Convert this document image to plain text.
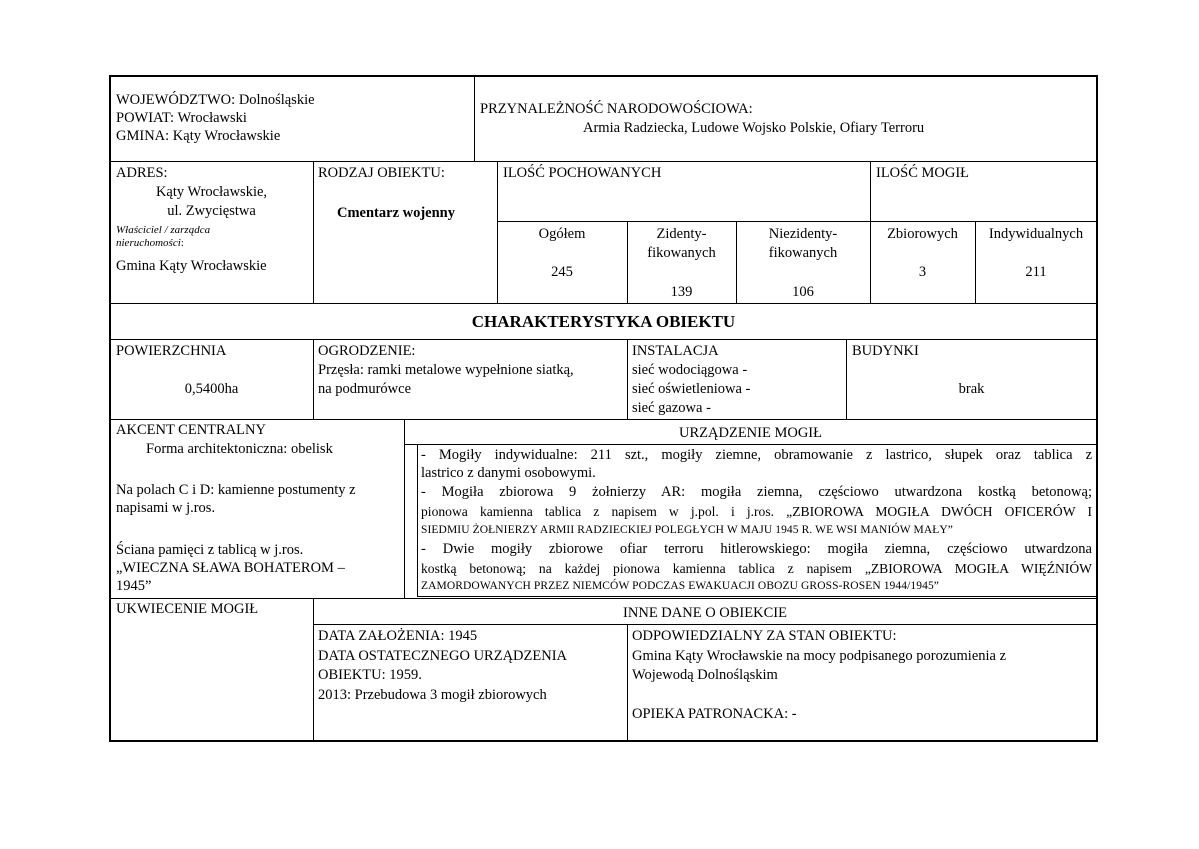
WOJEWÓDZTWO: Dolnośląskie
POWIAT: Wrocławski
GMINA: Kąty Wrocławskie
PRZYNALEŻNOŚĆ NARODOWOŚCIOWA:
Armia Radziecka, Ludowe Wojsko Polskie, Ofiary Terroru
ADRES:
Kąty Wrocławskie,
ul. Zwycięstwa
Właściciel / zarządca
nieruchomości:
Gmina Kąty Wrocławskie
RODZAJ OBIEKTU:
Cmentarz wojenny
ILOŚĆ POCHOWANYCH
Ogółem
245
Zidenty-
fikowanych
139
Niezidenty-
fikowanych
106
ILOŚĆ MOGIŁ
Zbiorowych
3
Indywidualnych
211
CHARAKTERYSTYKA OBIEKTU
POWIERZCHNIA
0,5400ha
OGRODZENIE:
Przęsła: ramki metalowe wypełnione siatką,
na podmurówce
INSTALACJA
sieć wodociągowa -
sieć oświetleniowa -
sieć gazowa -
BUDYNKI
brak
AKCENT CENTRALNY
Forma architektoniczna: obelisk
Na polach C i D: kamienne postumenty z
napisami w j.ros.
Ściana pamięci z tablicą w j.ros.
„WIECZNA SŁAWA BOHATEROM –
1945”
URZĄDZENIE MOGIŁ
- Mogiły indywidualne: 211 szt., mogiły ziemne, obramowanie z lastrico, słupek oraz tablica z
lastrico z danymi osobowymi.
- Mogiła zbiorowa 9 żołnierzy AR: mogiła ziemna, częściowo utwardzona kostką betonową;
pionowa kamienna tablica z napisem w j.pol. i j.ros. „ZBIOROWA MOGIŁA DWÓCH OFICERÓW I
SIEDMIU ŻOŁNIERZY ARMII RADZIECKIEJ POLEGŁYCH W MAJU 1945 R. WE WSI MANIÓW MAŁY”
- Dwie mogiły zbiorowe ofiar terroru hitlerowskiego: mogiła ziemna, częściowo utwardzona
kostką betonową; na każdej pionowa kamienna tablica z napisem „ZBIOROWA MOGIŁA WIĘŹNIÓW
ZAMORDOWANYCH PRZEZ NIEMCÓW PODCZAS EWAKUACJI OBOZU GROSS-ROSEN 1944/1945”
UKWIECENIE MOGIŁ	INNE DANE O OBIEKCIE
DATA ZAŁOŻENIA: 1945
DATA OSTATECZNEGO URZĄDZENIA
OBIEKTU: 1959.
2013: Przebudowa 3 mogił zbiorowych
ODPOWIEDZIALNY ZA STAN OBIEKTU:
Gmina Kąty Wrocławskie na mocy podpisanego porozumienia z
Wojewodą Dolnośląskim
OPIEKA PATRONACKA: -
